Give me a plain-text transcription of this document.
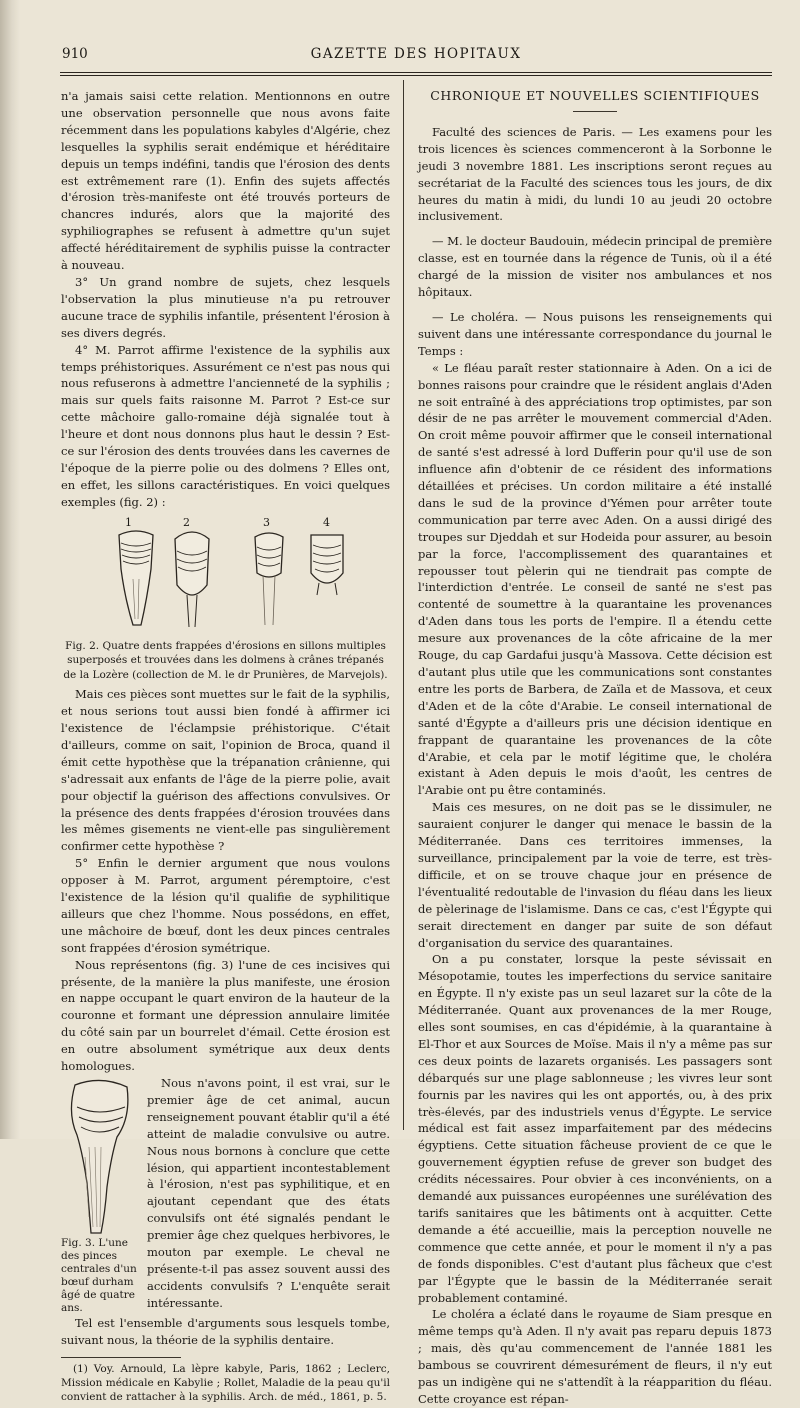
910	GAZETTE DES HOPITAUX

n'a jamais saisi cette relation. Mentionnons en outre une observation personnelle que nous avons faite récemment dans les populations kabyles d'Algérie, chez lesquelles la syphilis serait endémique et héréditaire depuis un temps indéfini, tandis que l'érosion des dents est extrêmement rare (1). Enfin des sujets affectés d'érosion très-manifeste ont été trouvés porteurs de chancres indurés, alors que la majorité des syphiliographes se refusent à admettre qu'un sujet affecté héréditairement de syphilis puisse la contracter à nouveau.

3° Un grand nombre de sujets, chez lesquels l'observation la plus minutieuse n'a pu retrouver aucune trace de syphilis infantile, présentent l'érosion à ses divers degrés.

4° M. Parrot affirme l'existence de la syphilis aux temps préhistoriques. Assurément ce n'est pas nous qui nous refuserons à admettre l'ancienneté de la syphilis ; mais sur quels faits raisonne M. Parrot ? Est-ce sur cette mâchoire gallo-romaine déjà signalée tout à l'heure et dont nous donnons plus haut le dessin ? Est-ce sur l'érosion des dents trouvées dans les cavernes de l'époque de la pierre polie ou des dolmens ? Elles ont, en effet, les sillons caractéristiques. En voici quelques exemples (fig. 2) :

1	2	3	4
Fig. 2. Quatre dents frappées d'érosions en sillons multiples superposés et trouvées dans les dolmens à crânes trépanés de la Lozère (collection de M. le dr Prunières, de Marvejols).

Mais ces pièces sont muettes sur le fait de la syphilis, et nous serions tout aussi bien fondé à affirmer ici l'existence de l'éclampsie préhistorique. C'était d'ailleurs, comme on sait, l'opinion de Broca, quand il émit cette hypothèse que la trépanation crânienne, qui s'adressait aux enfants de l'âge de la pierre polie, avait pour objectif la guérison des affections convulsives. Or la présence des dents frappées d'érosion trouvées dans les mêmes gisements ne vient-elle pas singulièrement confirmer cette hypothèse ?

5° Enfin le dernier argument que nous voulons opposer à M. Parrot, argument péremptoire, c'est l'existence de la lésion qu'il qualifie de syphilitique ailleurs que chez l'homme. Nous possédons, en effet, une mâchoire de bœuf, dont les deux pinces centrales sont frappées d'érosion symétrique.

Nous représentons (fig. 3) l'une de ces incisives qui présente, de la manière la plus manifeste, une érosion en nappe occupant le quart environ de la hauteur de la couronne et formant une dépression annulaire limitée du côté sain par un bourrelet d'émail. Cette érosion est en outre absolument symétrique aux deux dents homologues.

Fig. 3. L'une des pinces centrales d'un bœuf durham âgé de quatre ans.

Nous n'avons point, il est vrai, sur le premier âge de cet animal, aucun renseignement pouvant établir qu'il a été atteint de maladie convulsive ou autre. Nous nous bornons à conclure que cette lésion, qui appartient incontestablement à l'érosion, n'est pas syphilitique, et en ajoutant cependant que des états convulsifs ont été signalés pendant le premier âge chez quelques herbivores, le mouton par exemple. Le cheval ne présente-t-il pas assez souvent aussi des accidents convulsifs ? L'enquête serait intéressante.

Tel est l'ensemble d'arguments sous lesquels tombe, suivant nous, la théorie de la syphilis dentaire.

(1) Voy. Arnould, La lèpre kabyle, Paris, 1862 ; Leclerc, Mission médicale en Kabylie ; Rollet, Maladie de la peau qu'il convient de rattacher à la syphilis. Arch. de méd., 1861, p. 5.

CHRONIQUE ET NOUVELLES SCIENTIFIQUES

Faculté des sciences de Paris. — Les examens pour les trois licences ès sciences commenceront à la Sorbonne le jeudi 3 novembre 1881. Les inscriptions seront reçues au secrétariat de la Faculté des sciences tous les jours, de dix heures du matin à midi, du lundi 10 au jeudi 20 octobre inclusivement.

— M. le docteur Baudouin, médecin principal de première classe, est en tournée dans la régence de Tunis, où il a été chargé de la mission de visiter nos ambulances et nos hôpitaux.

— Le choléra. — Nous puisons les renseignements qui suivent dans une intéressante correspondance du journal le Temps :

« Le fléau paraît rester stationnaire à Aden. On a ici de bonnes raisons pour craindre que le résident anglais d'Aden ne soit entraîné à des appréciations trop optimistes, par son désir de ne pas arrêter le mouvement commercial d'Aden. On croit même pouvoir affirmer que le conseil international de santé s'est adressé à lord Dufferin pour qu'il use de son influence afin d'obtenir de ce résident des informations détaillées et précises. Un cordon militaire a été installé dans le sud de la province d'Yémen pour arrêter toute communication par terre avec Aden. On a aussi dirigé des troupes sur Djeddah et sur Hodeida pour assurer, au besoin par la force, l'accomplissement des quarantaines et repousser tout pèlerin qui ne tiendrait pas compte de l'interdiction d'entrée. Le conseil de santé ne s'est pas contenté de soumettre à la quarantaine les provenances d'Aden dans tous les ports de l'empire. Il a étendu cette mesure aux provenances de la côte africaine de la mer Rouge, du cap Gardafui jusqu'à Massova. Cette décision est d'autant plus utile que les communications sont constantes entre les ports de Barbera, de Zaïla et de Massova, et ceux d'Aden et de la côte d'Arabie. Le conseil international de santé d'Égypte a d'ailleurs pris une décision identique en frappant de quarantaine les provenances de la côte d'Arabie, et cela par le motif légitime que, le choléra existant à Aden depuis le mois d'août, les centres de l'Arabie ont pu être contaminés.

Mais ces mesures, on ne doit pas se le dissimuler, ne sauraient conjurer le danger qui menace le bassin de la Méditerranée. Dans ces territoires immenses, la surveillance, principalement par la voie de terre, est très-difficile, et on se trouve chaque jour en présence de l'éventualité redoutable de l'invasion du fléau dans les lieux de pèlerinage de l'islamisme. Dans ce cas, c'est l'Égypte qui serait directement en danger par suite de son défaut d'organisation du service des quarantaines.

On a pu constater, lorsque la peste sévissait en Mésopotamie, toutes les imperfections du service sanitaire en Égypte. Il n'y existe pas un seul lazaret sur la côte de la Méditerranée. Quant aux provenances de la mer Rouge, elles sont soumises, en cas d'épidémie, à la quarantaine à El-Thor et aux Sources de Moïse. Mais il n'y a même pas sur ces deux points de lazarets organisés. Les passagers sont débarqués sur une plage sablonneuse ; les vivres leur sont fournis par les navires qui les ont apportés, ou, à des prix très-élevés, par des industriels venus d'Égypte. Le service médical est fait assez imparfaitement par des médecins égyptiens. Cette situation fâcheuse provient de ce que le gouvernement égyptien refuse de grever son budget des crédits nécessaires. Pour obvier à ces inconvénients, on a demandé aux puissances européennes une surélévation des tarifs sanitaires que les bâtiments ont à acquitter. Cette demande a été accueillie, mais la perception nouvelle ne commence que cette année, et pour le moment il n'y a pas de fonds disponibles. C'est d'autant plus fâcheux que c'est par l'Égypte que le bassin de la Méditerranée serait probablement contaminé.

Le choléra a éclaté dans le royaume de Siam presque en même temps qu'à Aden. Il n'y avait pas reparu depuis 1873 ; mais, dès qu'au commencement de l'année 1881 les bambous se couvrirent démesurément de fleurs, il n'y eut pas un indigène qui ne s'attendît à la réapparition du fléau. Cette croyance est répan-
